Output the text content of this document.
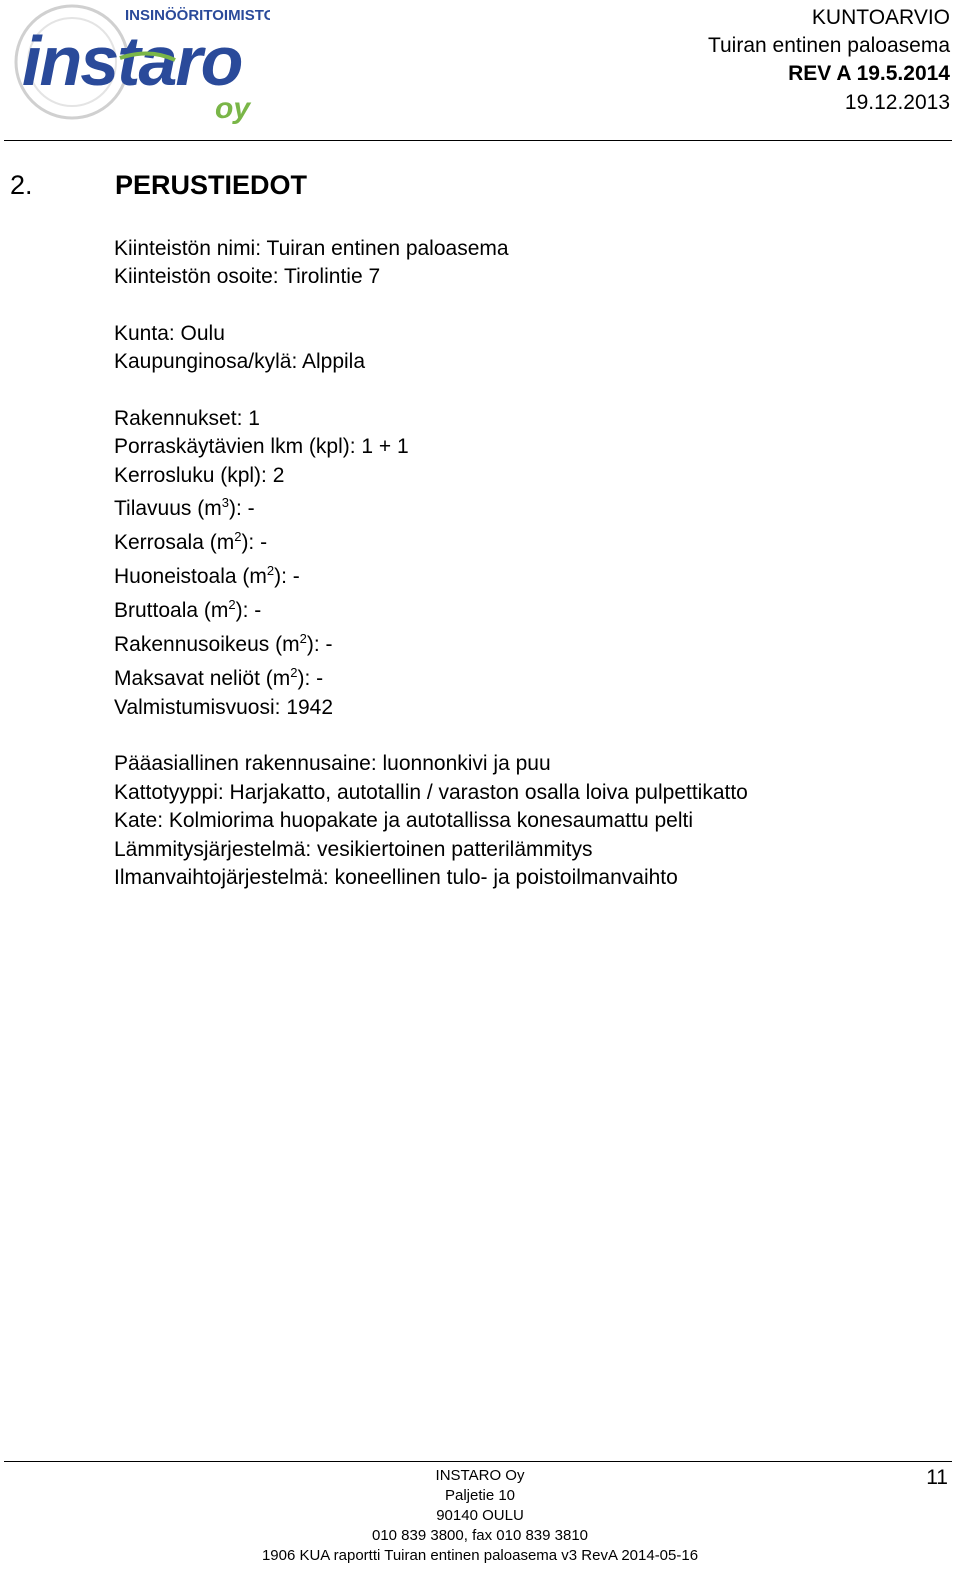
INSINÖÖRITOIMISTO
instaro
oy
KUNTOARVIO
Tuiran entinen paloasema
REV A 19.5.2014
19.12.2013
2.	PERUSTIEDOT
Kiinteistön nimi: Tuiran entinen paloasema
Kiinteistön osoite: Tirolintie 7
Kunta: Oulu
Kaupunginosa/kylä: Alppila
Rakennukset: 1
Porraskäytävien lkm (kpl): 1 + 1
Kerrosluku (kpl): 2
Tilavuus $(m^3)$: -
Kerrosala $(m^2)$: -
Huoneistoala $(m^2)$: -
Bruttoala $(m^2)$: -
Rakennusoikeus $(m^2)$: -
Maksavat neliöt $(m^2)$: -
Valmistumisvuosi: 1942
Pääasiallinen rakennusaine: luonnonkivi ja puu
Kattotyyppi: Harjakatto, autotallin / varaston osalla loiva pulpettikatto
Kate: Kolmiorima huopakate ja autotallissa konesaumattu pelti
Lämmitysjärjestelmä: vesikiertoinen patterilämmitys
Ilmanvaihtojärjestelmä: koneellinen tulo- ja poistoilmanvaihto
INSTARO Oy
Paljetie 10
90140 OULU
010 839 3800, fax 010 839 3810
1906 KUA raportti Tuiran entinen paloasema v3 RevA 2014-05-16
11
